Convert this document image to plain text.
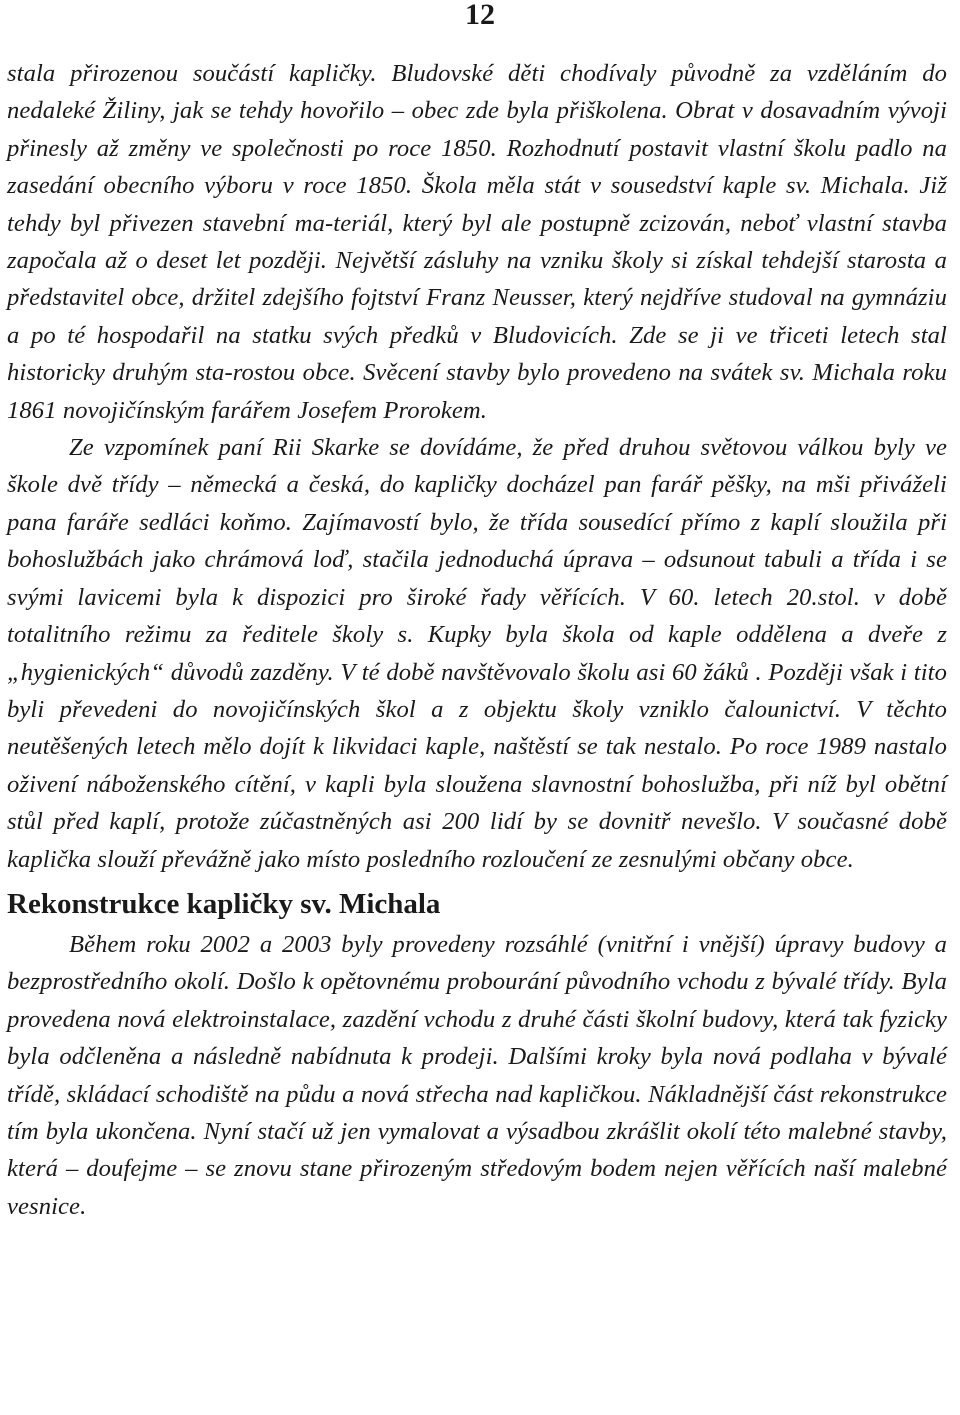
12

stala přirozenou součástí kapličky. Bludovské děti chodívaly původně za vzděláním do nedaleké Žiliny, jak se tehdy hovořilo – obec zde byla přiškolena. Obrat v dosavadním vývoji přinesly až změny ve společnosti po roce 1850. Rozhodnutí postavit vlastní školu padlo na zasedání obecního výboru v roce 1850. Škola měla stát v sousedství kaple sv. Michala. Již tehdy byl přivezen stavební ma-teriál, který byl ale postupně zcizován, neboť vlastní stavba započala až o deset let později. Největší zásluhy na vzniku školy si získal tehdejší starosta a představitel obce, držitel zdejšího fojtství Franz Neusser, který nejdříve studoval na gymnáziu a po té hospodařil na statku svých předků v Bludovicích. Zde se ji ve třiceti letech stal historicky druhým sta-rostou obce. Svěcení stavby bylo provedeno na svátek sv. Michala roku 1861 novojičínským farářem Josefem Prorokem.

Ze vzpomínek paní Rii Skarke se dovídáme, že před druhou světovou válkou byly ve škole dvě třídy – německá a česká, do kapličky docházel pan farář pěšky, na mši přiváželi pana faráře sedláci koňmo. Zajímavostí bylo, že třída sousedící přímo z kaplí sloužila při bohoslužbách jako chrámová loď, stačila jednoduchá úprava – odsunout tabuli a třída i se svými lavicemi byla k dispozici pro široké řady věřících. V 60. letech 20.stol. v době totalitního režimu za ředitele školy s. Kupky byla škola od kaple oddělena a dveře z „hygienických“ důvodů zazděny. V té době navštěvovalo školu asi 60 žáků . Později však i tito byli převedeni do novojičínských škol a z objektu školy vzniklo čalounictví. V těchto neutěšených letech mělo dojít k likvidaci kaple, naštěstí se tak nestalo. Po roce 1989 nastalo oživení náboženského cítění, v kapli byla sloužena slavnostní bohoslužba, při níž byl obětní stůl před kaplí, protože zúčastněných asi 200 lidí by se dovnitř nevešlo. V současné době kaplička slouží převážně jako místo posledního rozloučení ze zesnulými občany obce.

Rekonstrukce kapličky sv. Michala

Během roku 2002 a 2003 byly provedeny rozsáhlé (vnitřní i vnější) úpravy budovy a bezprostředního okolí. Došlo k opětovnému probourání původního vchodu z bývalé třídy. Byla provedena nová elektroinstalace, zazdění vchodu z druhé části školní budovy, která tak fyzicky byla odčleněna a následně nabídnuta k prodeji. Dalšími kroky byla nová podlaha v bývalé třídě, skládací schodiště na půdu a nová střecha nad kapličkou. Nákladnější část rekonstrukce tím byla ukončena. Nyní stačí už jen vymalovat a výsadbou zkrášlit okolí této malebné stavby, která – doufejme – se znovu stane přirozeným středovým bodem nejen věřících naší malebné vesnice.
